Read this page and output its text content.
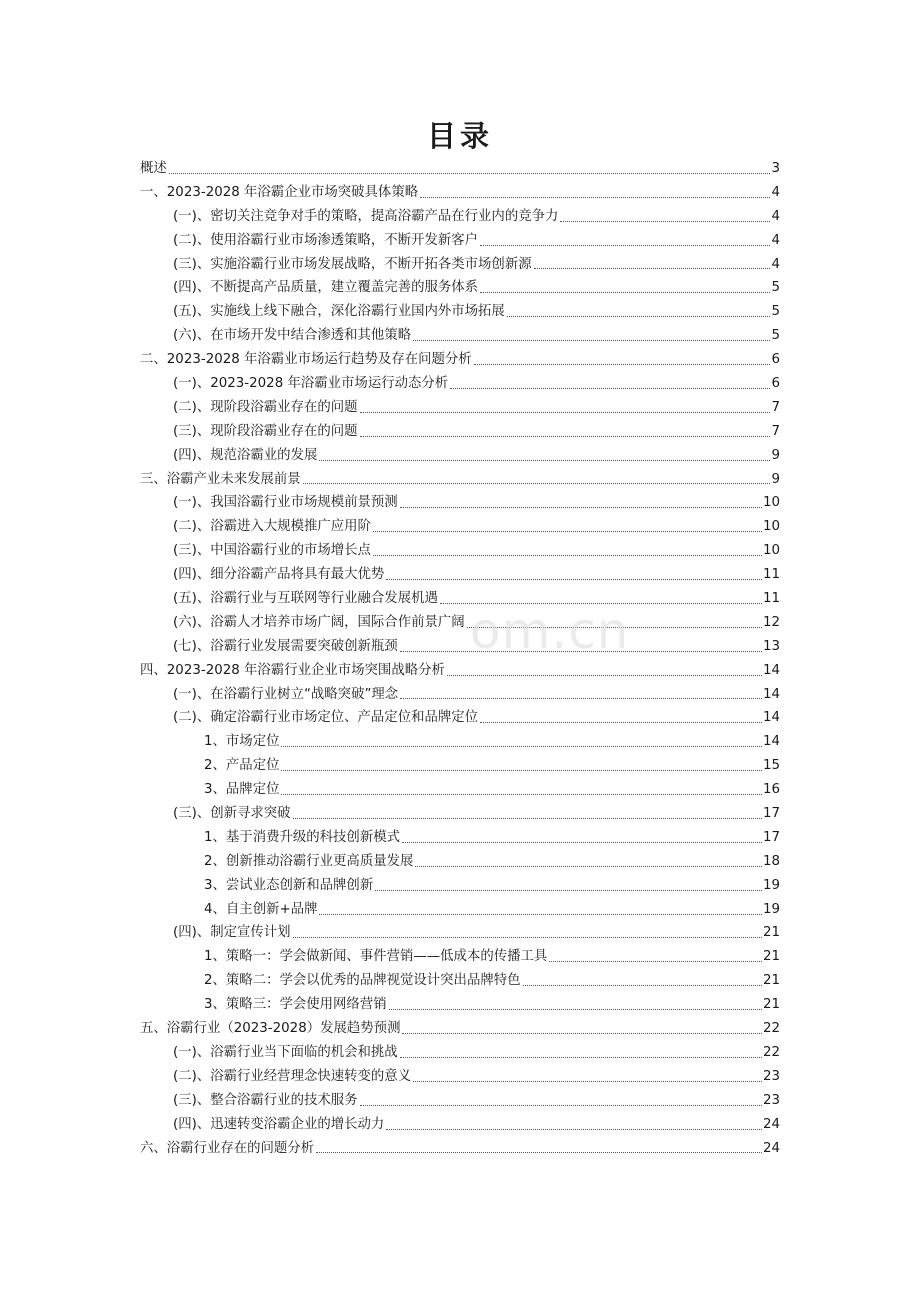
目录
概述	3
一、2023-2028 年浴霸企业市场突破具体策略	4
(一)、密切关注竞争对手的策略，提高浴霸产品在行业内的竞争力	4
(二)、使用浴霸行业市场渗透策略，不断开发新客户	4
(三)、实施浴霸行业市场发展战略，不断开拓各类市场创新源	4
(四)、不断提高产品质量，建立覆盖完善的服务体系	5
(五)、实施线上线下融合，深化浴霸行业国内外市场拓展	5
(六)、在市场开发中结合渗透和其他策略	5
二、2023-2028 年浴霸业市场运行趋势及存在问题分析	6
(一)、2023-2028 年浴霸业市场运行动态分析	6
(二)、现阶段浴霸业存在的问题	7
(三)、现阶段浴霸业存在的问题	7
(四)、规范浴霸业的发展	9
三、浴霸产业未来发展前景	9
(一)、我国浴霸行业市场规模前景预测	10
(二)、浴霸进入大规模推广应用阶	10
(三)、中国浴霸行业的市场增长点	10
(四)、细分浴霸产品将具有最大优势	11
(五)、浴霸行业与互联网等行业融合发展机遇	11
(六)、浴霸人才培养市场广阔，国际合作前景广阔	12
(七)、浴霸行业发展需要突破创新瓶颈	13
四、2023-2028 年浴霸行业企业市场突围战略分析	14
(一)、在浴霸行业树立“战略突破”理念	14
(二)、确定浴霸行业市场定位、产品定位和品牌定位	14
1、市场定位	14
2、产品定位	15
3、品牌定位	16
(三)、创新寻求突破	17
1、基于消费升级的科技创新模式	17
2、创新推动浴霸行业更高质量发展	18
3、尝试业态创新和品牌创新	19
4、自主创新+品牌	19
(四)、制定宣传计划	21
1、策略一：学会做新闻、事件营销——低成本的传播工具	21
2、策略二：学会以优秀的品牌视觉设计突出品牌特色	21
3、策略三：学会使用网络营销	21
五、浴霸行业（2023-2028）发展趋势预测	22
(一)、浴霸行业当下面临的机会和挑战	22
(二)、浴霸行业经营理念快速转变的意义	23
(三)、整合浴霸行业的技术服务	23
(四)、迅速转变浴霸企业的增长动力	24
六、浴霸行业存在的问题分析	24
om.cn
